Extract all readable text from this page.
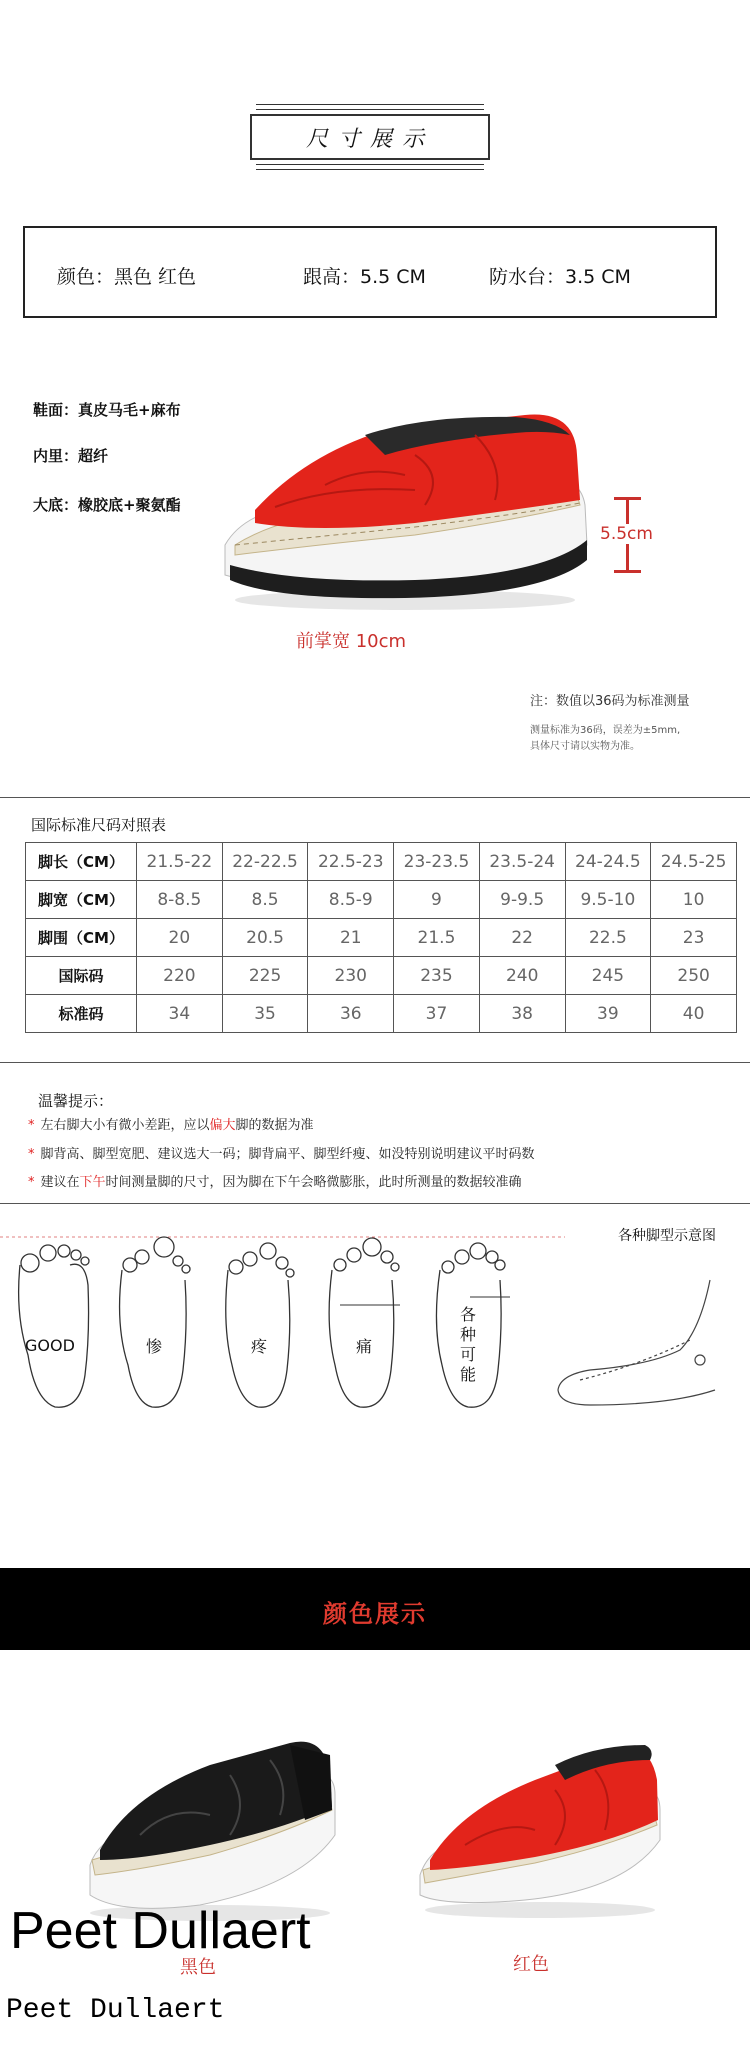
尺寸展示
颜色：黑色 红色	跟高：5.5 CM	防水台：3.5 CM
鞋面：真皮马毛+麻布
内里：超纤
大底：橡胶底+聚氨酯
5.5cm
前掌宽 10cm
注：数值以36码为标准测量
测量标准为36码，误差为±5mm,
具体尺寸请以实物为准。
国际标准尺码对照表
脚长（CM）	21.5-22	22-22.5	22.5-23	23-23.5	23.5-24	24-24.5	24.5-25
脚宽（CM）	8-8.5	8.5	8.5-9	9	9-9.5	9.5-10	10
脚围（CM）	20	20.5	21	21.5	22	22.5	23
国际码	220	225	230	235	240	245	250
标准码	34	35	36	37	38	39	40
温馨提示：
* 左右脚大小有微小差距，应以偏大脚的数据为准
* 脚背高、脚型宽肥、建议选大一码；脚背扁平、脚型纤瘦、如没特别说明建议平时码数
* 建议在下午时间测量脚的尺寸，因为脚在下午会略微膨胀，此时所测量的数据较准确
各种脚型示意图
GOOD	惨	疼	痛
各种可能
颜色展示
黑色	红色
Peet Dullaert
Peet Dullaert
